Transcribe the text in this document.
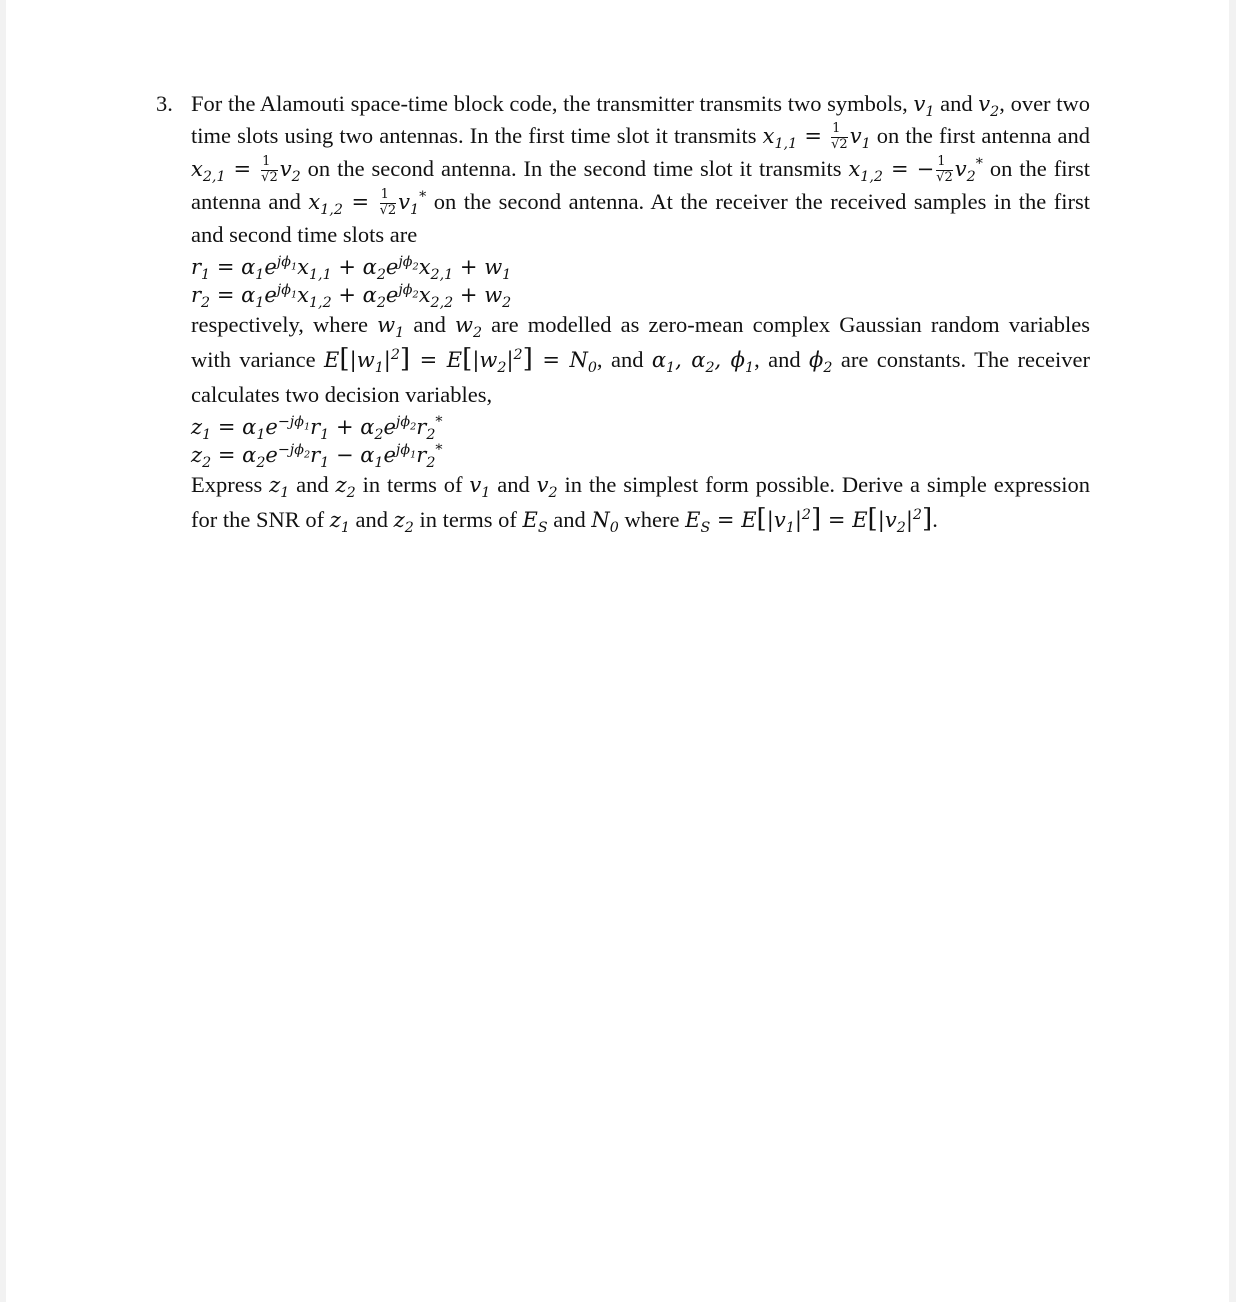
3. For the Alamouti space-time block code, the transmitter transmits two symbols, $v_1$ and $v_2$, over two time slots using two antennas. In the first time slot it transmits $x_{1,1} = \frac{1}{√2} v_1$ on the first antenna and $x_{2,1} = \frac{1}{√2} v_2$ on the second antenna. In the second time slot it transmits $x_{1,2}$ = − $\frac{1}{√2} v_2^*$ on the first antenna and $x_{1,2} = \frac{1}{√2} v_1^*$ on the second antenna. At the receiver the received samples in the first and second time slots are

$r_1 = \alpha_1e^{j\phi_1}x_{1,1} + \alpha_2e^{j\phi_2}x_{2,1} + w_1$

$r_2 = \alpha_1e^{j\phi_1}x_{1,2} + \alpha_2e^{j\phi_2}x_{2,2} + w_2$

respectively, where $w_1$ and $w_2$ are modelled as zero-mean complex Gaussian random variables with variance $E[|w_1|^2] = E[|w_2|^2] = N_0$, and $\alpha_1$, $\alpha_2$, $\phi_1$, and $\phi_2$ are constants. The receiver calculates two decision variables,

$z_1 = \alpha_1e^{-j\phi_1}r_1 + \alpha_2e^{j\phi_2}r_2^*$

$z_2 = \alpha_2e^{-j\phi_2}r_1 - \alpha_1e^{j\phi_1}r_2^*$

Express $z_1$ and $z_2$ in terms of $v_1$ and $v_2$ in the simplest form possible. Derive a simple expression for the SNR of $z_1$ and $z_2$ in terms of $E_S$ and $N_0$ where $E_S = E[|v_1|^2] = E[|v_2|^2]$.
